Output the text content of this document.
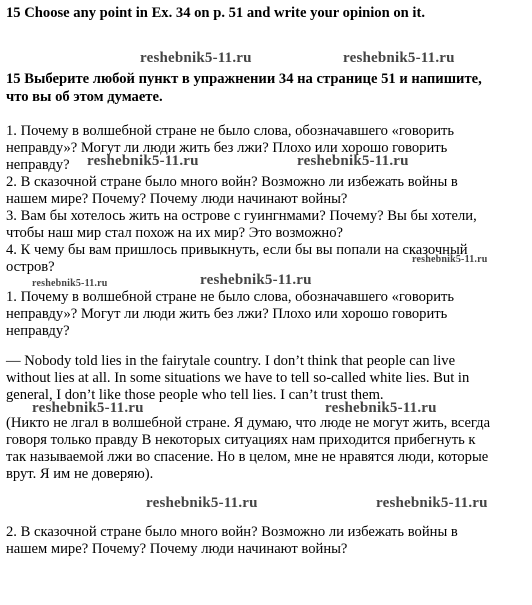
15 Choose any point in Ex. 34 on p. 51 and write your opinion on it.
15 Выберите любой пункт в упражнении 34 на странице 51 и напишите,
что вы об этом думаете.
1. Почему в волшебной стране не было слова, обозначавшего «говорить
неправду»? Могут ли люди жить без лжи? Плохо или хорошо говорить
неправду?
2. В сказочной стране было много войн? Возможно ли избежать войны в
нашем мире? Почему? Почему люди начинают войны?
3. Вам бы хотелось жить на острове с гуингнмами? Почему? Вы бы хотели,
чтобы наш мир стал похож на их мир? Это возможно?
4. К чему бы вам пришлось привыкнуть, если бы вы попали на сказочный
остров?
1. Почему в волшебной стране не было слова, обозначавшего «говорить
неправду»? Могут ли люди жить без лжи? Плохо или хорошо говорить
неправду?
— Nobody told lies in the fairytale country. I don’t think that people can live
without lies at all. In some situations we have to tell so-called white lies. But in
general, I don’t like those people who tell lies. I can’t trust them.
(Никто не лгал в волшебной стране. Я думаю, что люде не могут жить, всегда
говоря только правду В некоторых ситуациях нам приходится прибегнуть к
так называемой лжи во спасение. Но в целом, мне не нравятся люди, которые
врут. Я им не доверяю).
2. В сказочной стране было много войн? Возможно ли избежать войны в
нашем мире? Почему? Почему люди начинают войны?
reshebnik5-11.ru	reshebnik5-11.ru
reshebnik5-11.ru	reshebnik5-11.ru
reshebnik5-11.ru
reshebnik5-11.ru	reshebnik5-11.ru
reshebnik5-11.ru	reshebnik5-11.ru
reshebnik5-11.ru	reshebnik5-11.ru
